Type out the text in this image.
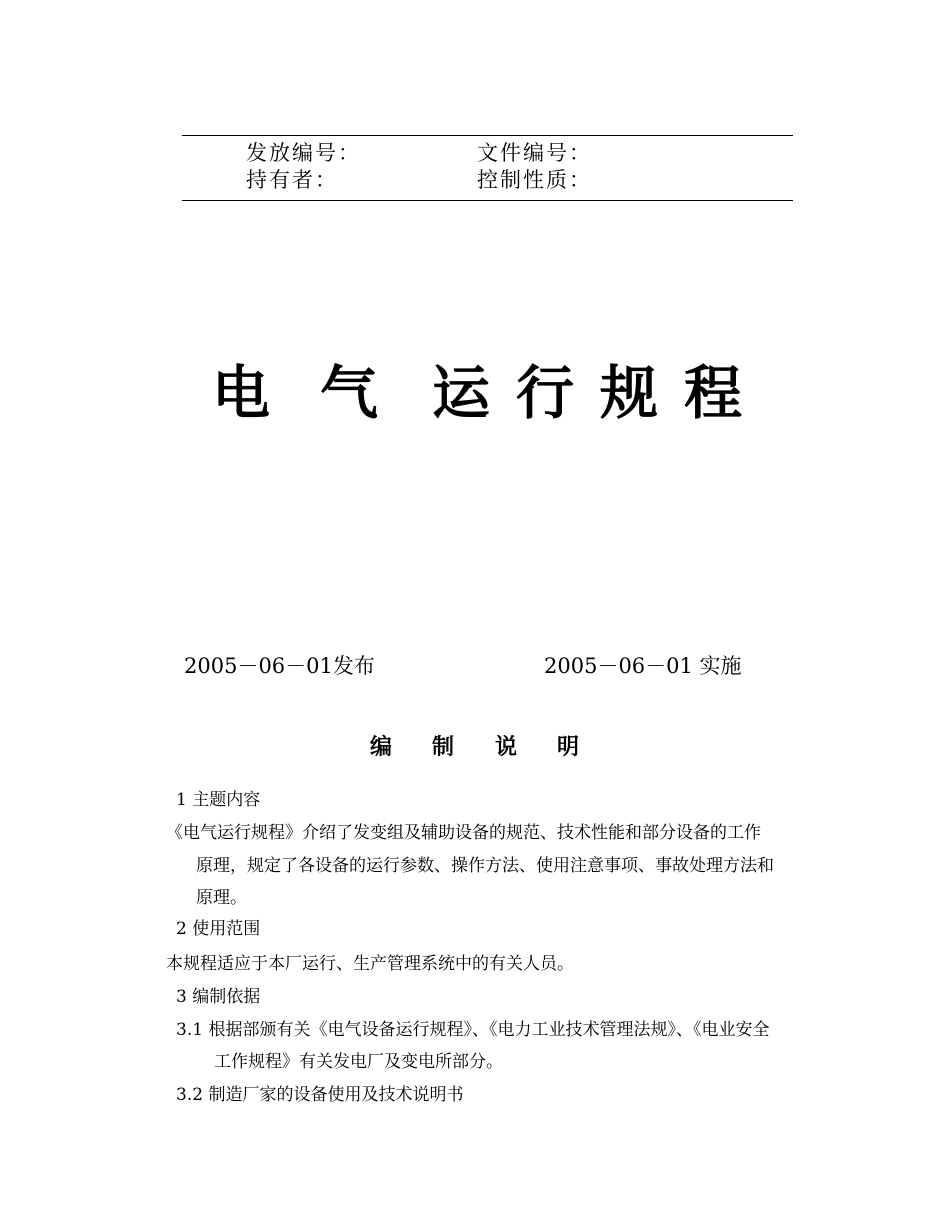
发放编号：	文件编号：
持有者：	控制性质：
电 气 运 行 规 程
2005－06－01发布	2005－06－01 实施
编 制 说 明
1 主题内容
《电气运行规程》介绍了发变组及辅助设备的规范、技术性能和部分设备的工作
原理，规定了各设备的运行参数、操作方法、使用注意事项、事故处理方法和
原理。
2 使用范围
本规程适应于本厂运行、生产管理系统中的有关人员。
3 编制依据
3.1 根据部颁有关《电气设备运行规程》、《电力工业技术管理法规》、《电业安全
工作规程》有关发电厂及变电所部分。
3.2 制造厂家的设备使用及技术说明书
